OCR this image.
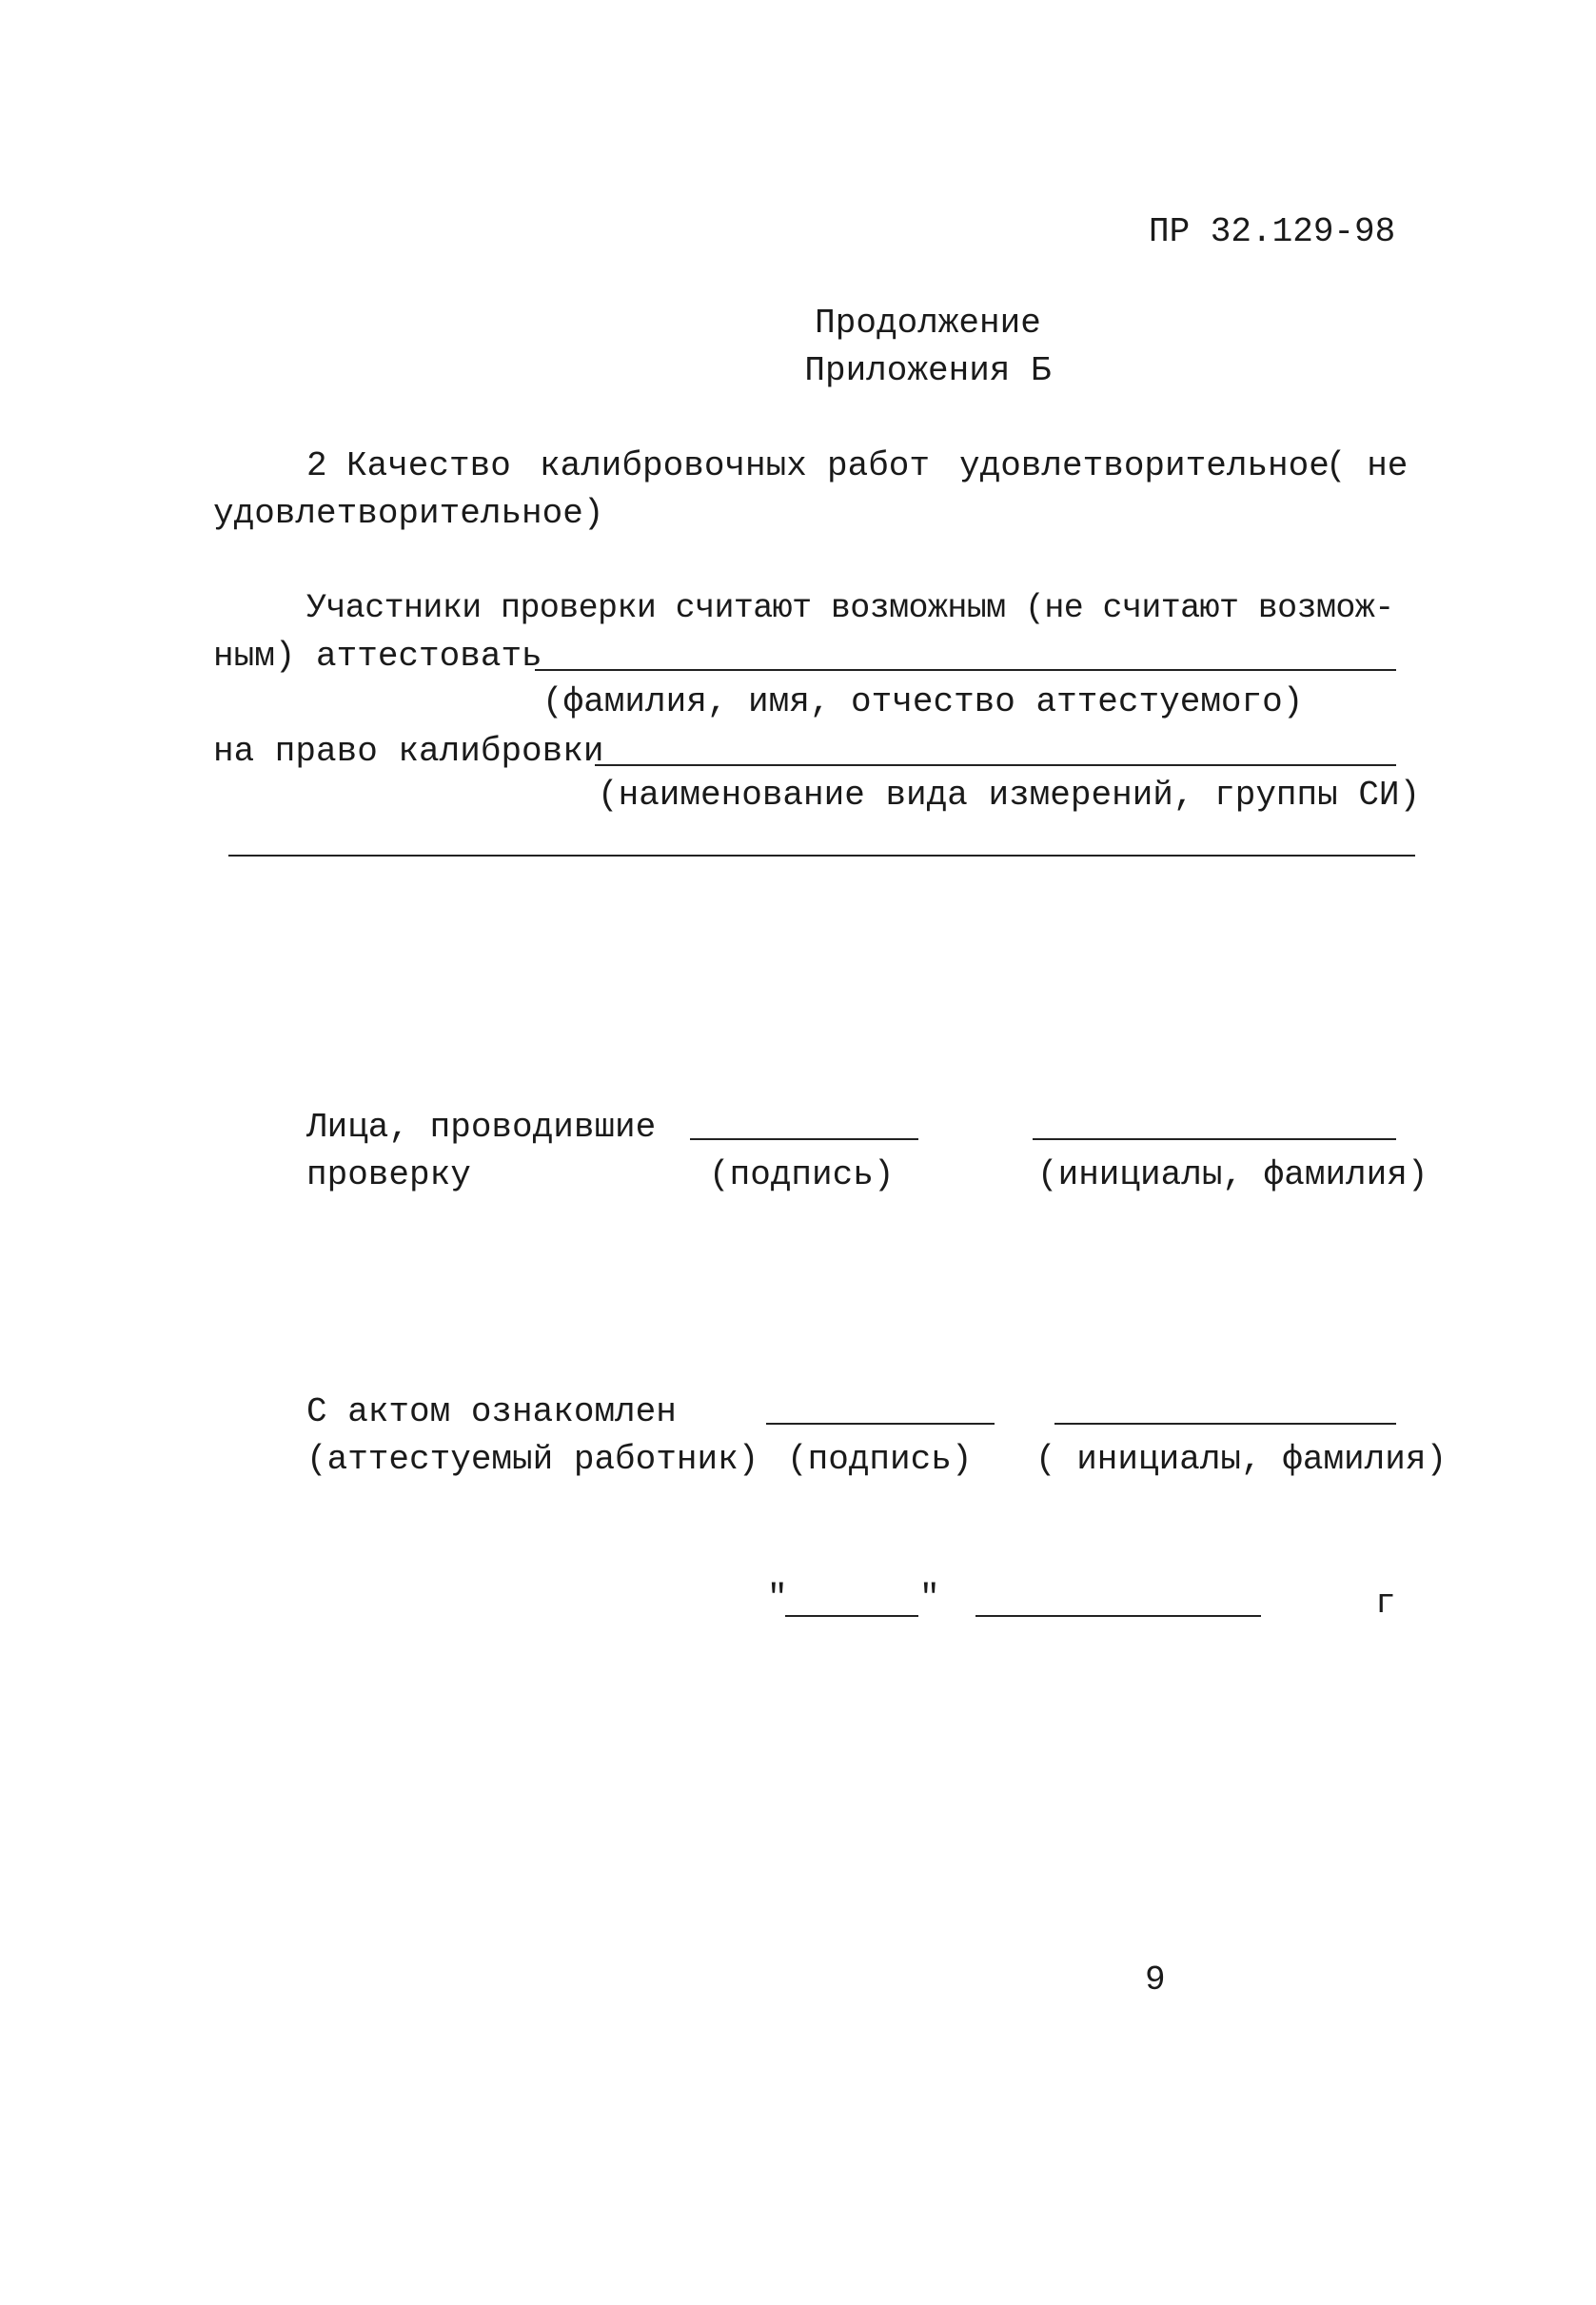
ПР 32.129-98
Продолжение
Приложения Б
2 Качество калибровочных работ удовлетворительное
( не
удовлетворительное)
Участники проверки считают возможным (не считают возмож-
ным) аттестовать
(фамилия, имя, отчество аттестуемого)
на право калибровки
(наименование вида измерений, группы СИ)
Лица, проводившие
проверку	(подпись)	(инициалы, фамилия)
С актом ознакомлен
(аттестуемый работник) (подпись) ( инициалы, фамилия)
"	"	г
9
